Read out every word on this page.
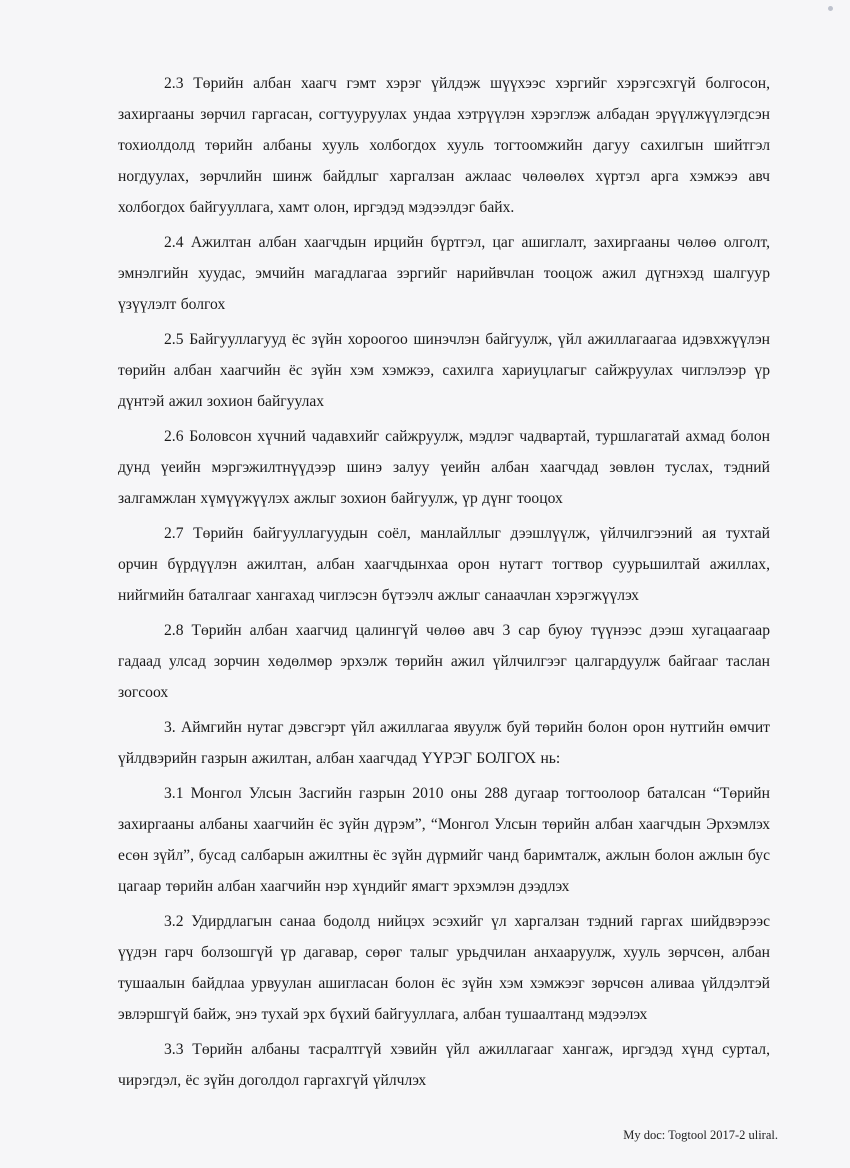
2.3 Төрийн албан хаагч гэмт хэрэг үйлдэж шүүхээс хэргийг хэрэгсэхгүй болгосон, захиргааны зөрчил гаргасан, согтууруулах ундаа хэтрүүлэн хэрэглэж албадан эрүүлжүүлэгдсэн тохиолдолд төрийн албаны хууль холбогдох хууль тогтоомжийн дагуу сахилгын шийтгэл ногдуулах, зөрчлийн шинж байдлыг харгалзан ажлаас чөлөөлөх хүртэл арга хэмжээ авч холбогдох байгууллага, хамт олон, иргэдэд мэдээлдэг байх.

2.4 Ажилтан албан хаагчдын ирцийн бүртгэл, цаг ашиглалт, захиргааны чөлөө олголт, эмнэлгийн хуудас, эмчийн магадлагаа зэргийг нарийвчлан тооцож ажил дүгнэхэд шалгуур үзүүлэлт болгох

2.5 Байгууллагууд ёс зүйн хороогоо шинэчлэн байгуулж, үйл ажиллагаагаа идэвхжүүлэн төрийн албан хаагчийн ёс зүйн хэм хэмжээ, сахилга хариуцлагыг сайжруулах чиглэлээр үр дүнтэй ажил зохион байгуулах

2.6 Боловсон хүчний чадавхийг сайжруулж, мэдлэг чадвартай, туршлагатай ахмад болон дунд үеийн мэргэжилтнүүдээр шинэ залуу үеийн албан хаагчдад зөвлөн туслах, тэдний залгамжлан хүмүүжүүлэх ажлыг зохион байгуулж, үр дүнг тооцох

2.7 Төрийн байгууллагуудын соёл, манлайллыг дээшлүүлж, үйлчилгээний ая тухтай орчин бүрдүүлэн ажилтан, албан хаагчдынхаа орон нутагт тогтвор суурьшилтай ажиллах, нийгмийн баталгааг хангахад чиглэсэн бүтээлч ажлыг санаачлан хэрэгжүүлэх

2.8 Төрийн албан хаагчид цалингүй чөлөө авч 3 сар буюу түүнээс дээш хугацаагаар гадаад улсад зорчин хөдөлмөр эрхэлж төрийн ажил үйлчилгээг цалгардуулж байгааг таслан зогсоох

3. Аймгийн нутаг дэвсгэрт үйл ажиллагаа явуулж буй төрийн болон орон нутгийн өмчит үйлдвэрийн газрын ажилтан, албан хаагчдад ҮҮРЭГ БОЛГОХ нь:

3.1 Монгол Улсын Засгийн газрын 2010 оны 288 дугаар тогтоолоор баталсан “Төрийн захиргааны албаны хаагчийн ёс зүйн дүрэм”, “Монгол Улсын төрийн албан хаагчдын Эрхэмлэх есөн зүйл”, бусад салбарын ажилтны ёс зүйн дүрмийг чанд баримталж, ажлын болон ажлын бус цагаар төрийн албан хаагчийн нэр хүндийг ямагт эрхэмлэн дээдлэх

3.2 Удирдлагын санаа бодолд нийцэх эсэхийг үл харгалзан тэдний гаргах шийдвэрээс үүдэн гарч болзошгүй үр дагавар, сөрөг талыг урьдчилан анхааруулж, хууль зөрчсөн, албан тушаалын байдлаа урвуулан ашигласан болон ёс зүйн хэм хэмжээг зөрчсөн аливаа үйлдэлтэй эвлэршгүй байж, энэ тухай эрх бүхий байгууллага, албан тушаалтанд мэдээлэх

3.3 Төрийн албаны тасралтгүй хэвийн үйл ажиллагааг хангаж, иргэдэд хүнд суртал, чирэгдэл, ёс зүйн доголдол гаргахгүй үйлчлэх

My doc: Togtool 2017-2 uliral.
